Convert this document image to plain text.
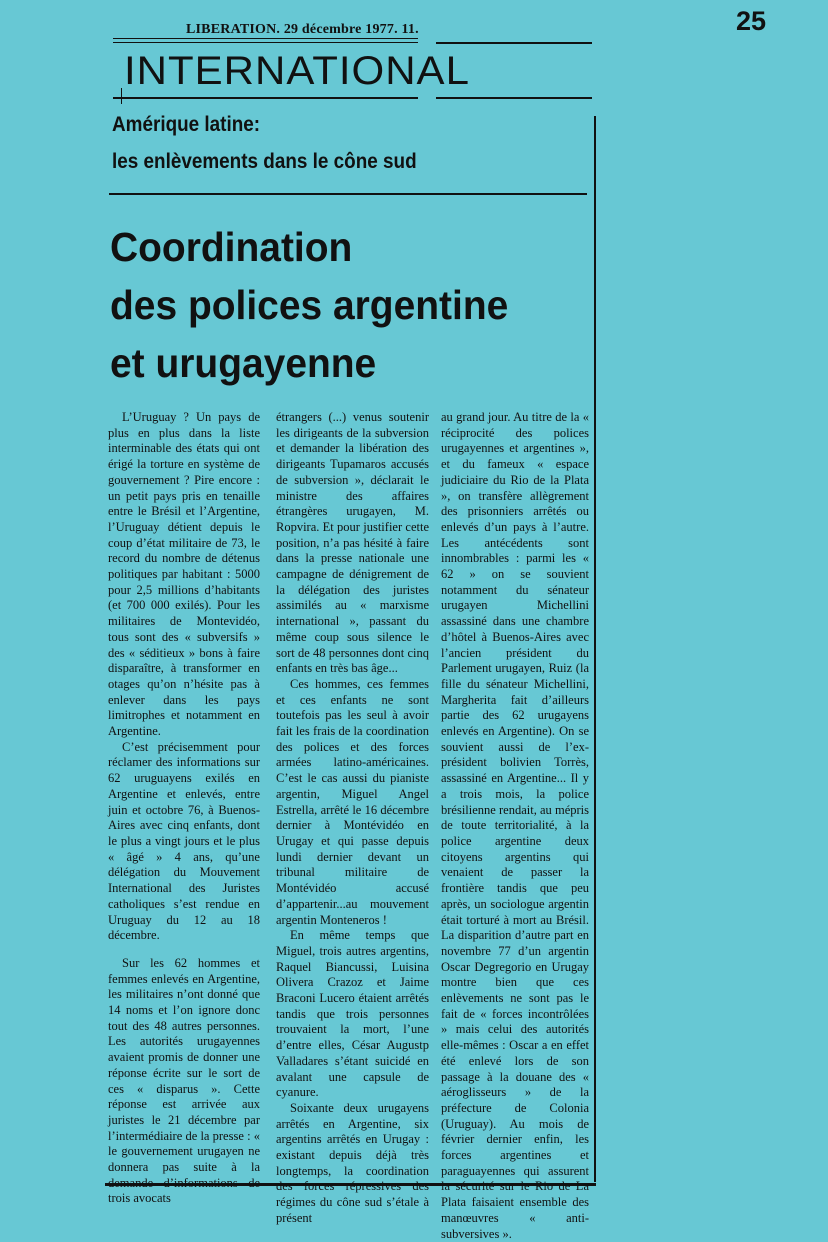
25
LIBERATION. 29 décembre 1977. 11.
INTERNATIONAL
Amérique latine:
les enlèvements dans le cône sud
Coordination
des polices argentine
et urugayenne

L’Uruguay ? Un pays de plus en plus dans la liste interminable des états qui ont érigé la torture en système de gouvernement ? Pire encore : un petit pays pris en tenaille entre le Brésil et l’Argentine, l’Uruguay détient depuis le coup d’état militaire de 73, le record du nombre de détenus politiques par habitant : 5000 pour 2,5 millions d’habitants (et 700 000 exilés). Pour les militaires de Montevidéo, tous sont des « subversifs » des « séditieux » bons à faire disparaître, à transformer en otages qu’on n’hésite pas à enlever dans les pays limitrophes et notamment en Argentine.

C’est précisemment pour réclamer des informations sur 62 uruguayens exilés en Argentine et enlevés, entre juin et octobre 76, à Buenos-Aires avec cinq enfants, dont le plus a vingt jours et le plus « âgé » 4 ans, qu’une délégation du Mouvement International des Juristes catholiques s’est rendue en Uruguay du 12 au 18 décembre.

Sur les 62 hommes et femmes enlevés en Argentine, les militaires n’ont donné que 14 noms et l’on ignore donc tout des 48 autres personnes. Les autorités urugayennes avaient promis de donner une réponse écrite sur le sort de ces « disparus ». Cette réponse est arrivée aux juristes le 21 décembre par l’intermédiaire de la presse : « le gouvernement urugayen ne donnera pas suite à la demande d’informations de trois avocats

étrangers (...) venus soutenir les dirigeants de la subversion et demander la libération des dirigeants Tupamaros accusés de subversion », déclarait le ministre des affaires étrangères urugayen, M. Ropvira. Et pour justifier cette position, n’a pas hésité à faire dans la presse nationale une campagne de dénigrement de la délégation des juristes assimilés au « marxisme international », passant du même coup sous silence le sort de 48 personnes dont cinq enfants en très bas âge...

Ces hommes, ces femmes et ces enfants ne sont toutefois pas les seul à avoir fait les frais de la coordination des polices et des forces armées latino-américaines. C’est le cas aussi du pianiste argentin, Miguel Angel Estrella, arrêté le 16 décembre dernier à Montévidéo en Urugay et qui passe depuis lundi dernier devant un tribunal militaire de Montévidéo accusé d’appartenir...au mouvement argentin Monteneros !

En même temps que Miguel, trois autres argentins, Raquel Biancussi, Luisina Olivera Crazoz et Jaime Braconi Lucero étaient arrêtés tandis que trois personnes trouvaient la mort, l’une d’entre elles, César Augustp Valladares s’étant suicidé en avalant une capsule de cyanure.

Soixante deux urugayens arrêtés en Argentine, six argentins arrêtés en Urugay : existant depuis déjà très longtemps, la coordination des forces répressives des régimes du cône sud s’étale à présent

au grand jour. Au titre de la « réciprocité des polices urugayennes et argentines », et du fameux « espace judiciaire du Rio de la Plata », on transfère allègrement des prisonniers arrêtés ou enlevés d’un pays à l’autre. Les antécédents sont innombrables : parmi les « 62 » on se souvient notamment du sénateur urugayen Michellini assassiné dans une chambre d’hôtel à Buenos-Aires avec l’ancien président du Parlement urugayen, Ruiz (la fille du sénateur Michellini, Margherita fait d’ailleurs partie des 62 urugayens enlevés en Argentine). On se souvient aussi de l’ex-président bolivien Torrès, assassiné en Argentine... Il y a trois mois, la police brésilienne rendait, au mépris de toute territorialité, à la police argentine deux citoyens argentins qui venaient de passer la frontière tandis que peu après, un sociologue argentin était torturé à mort au Brésil. La disparition d’autre part en novembre 77 d’un argentin Oscar Degregorio en Urugay montre bien que ces enlèvements ne sont pas le fait de « forces incontrôlées » mais celui des autorités elle-mêmes : Oscar a en effet été enlevé lors de son passage à la douane des « aéroglisseurs » de la préfecture de Colonia (Uruguay). Au mois de février dernier enfin, les forces argentines et paraguayennes qui assurent la sécurité sur le Rio de La Plata faisaient ensemble des manœuvres « anti-subversives ».
